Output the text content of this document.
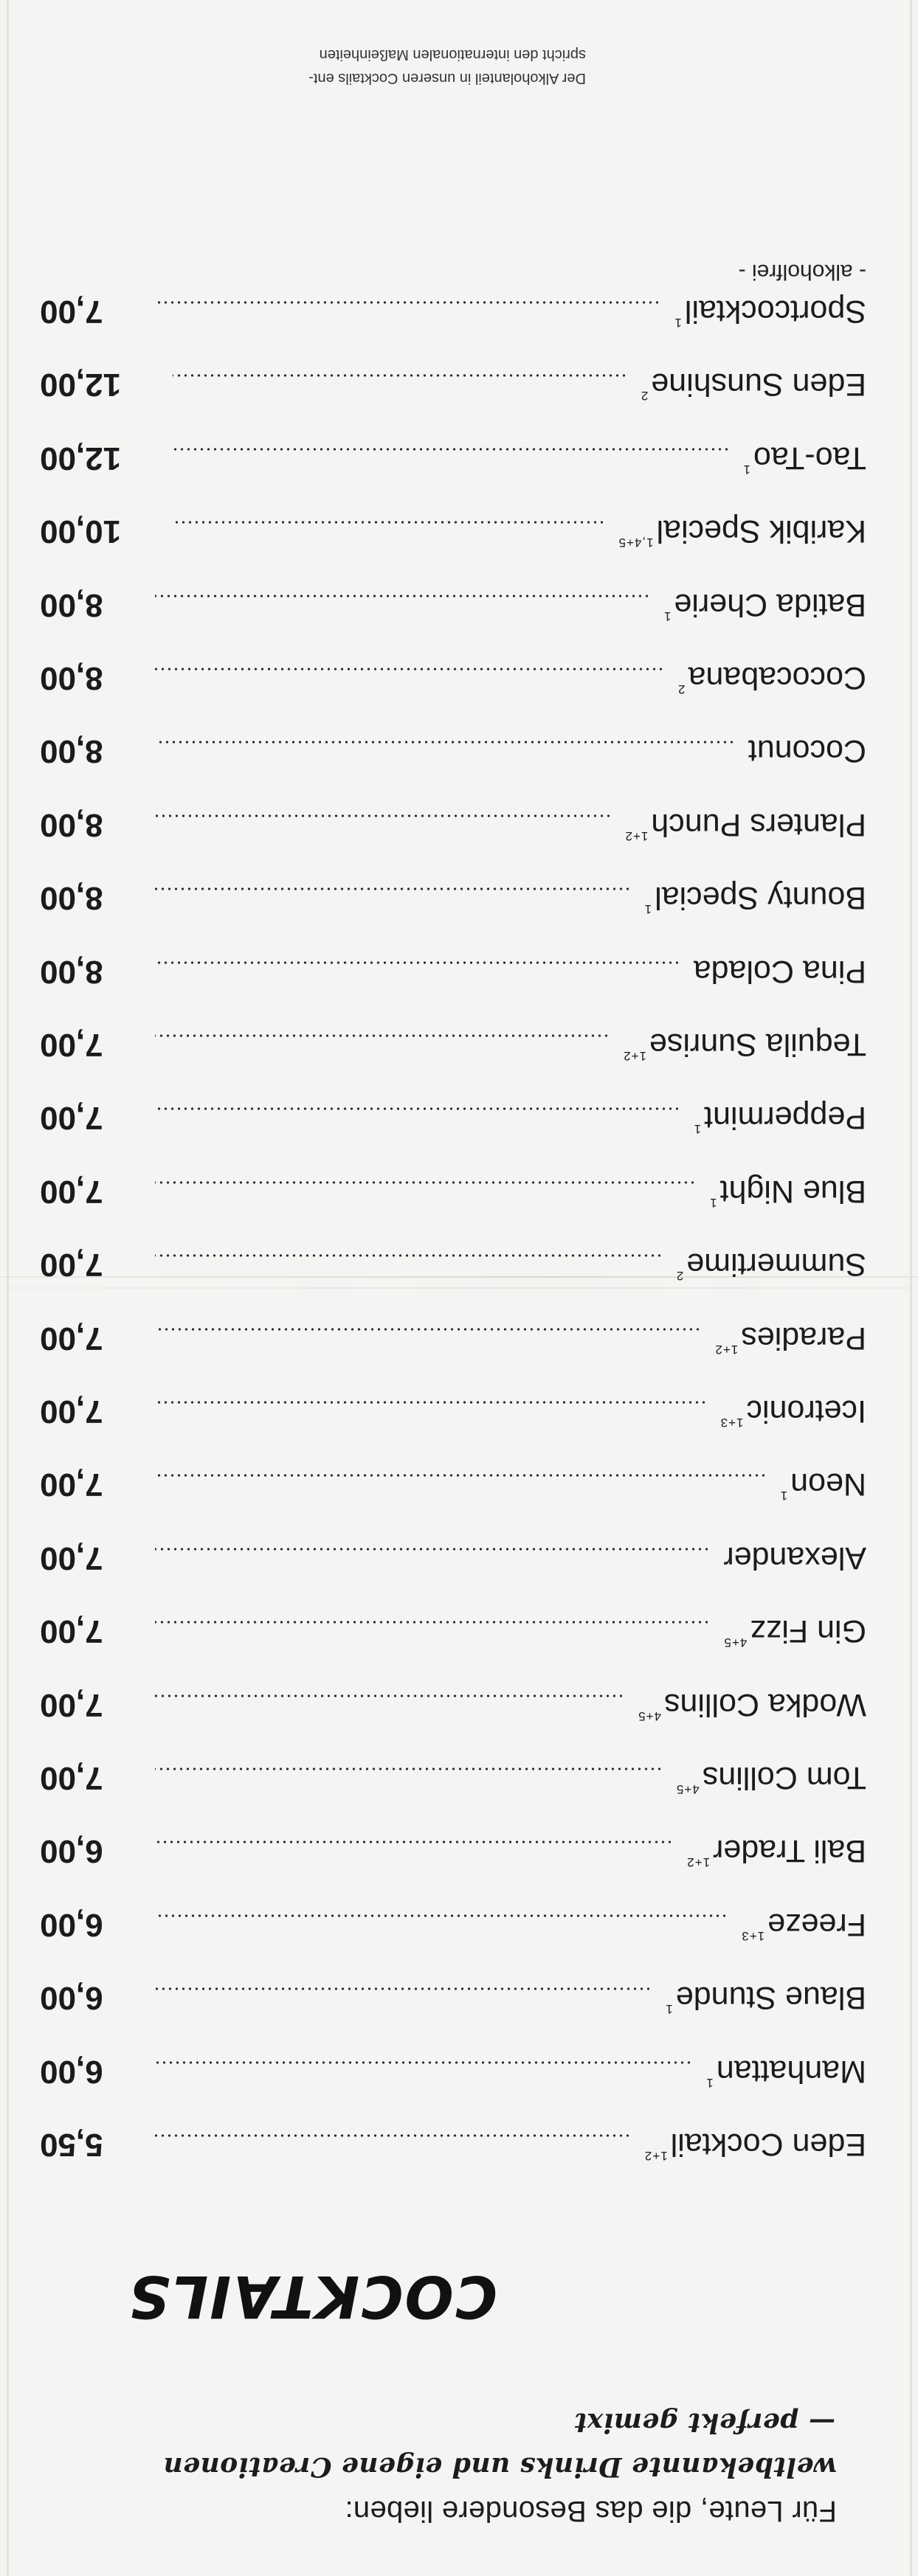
Für Leute, die das Besondere lieben:

weltbekannte Drinks und eigene Creationen

— perfekt gemixt

COCKTAILS
Eden Cocktail$^{1+2}$
5,50
Manhattan$^1$
6,00
Blaue Stunde$^1$
6,00
Freeze$^{1+3}$
6,00
Bali Trader$^{1+2}$
6,00
Tom Collins$^{4+5}$
7,00
Wodka Collins$^{4+5}$
7,00
Gin Fizz$^{4+5}$
7,00
Alexander
7,00
Neon$^1$
7,00
Icetronic$^{1+3}$
7,00
Paradies$^{1+2}$
7,00
Summertime$^2$
7,00
Blue Night$^1$
7,00
Peppermint$^1$
7,00
Tequila Sunrise$^{1+2}$
7,00
Pina Colada
8,00
Bounty Special$^1$
8,00
Planters Punch$^{1+2}$
8,00
Coconut
8,00
Cococabana$^2$
8,00
Batida Cherie$^1$
8,00
Karibik Special$^{1,4+5}$
10,00
Tao-Tao$^1$
12,00
Eden Sunshine$^2$
12,00
Sportcocktail$^1$
7,00
- alkoholfrei -

Der Alkoholanteil in unseren Cocktails ent-
spricht den internationalen Maßeinheiten
